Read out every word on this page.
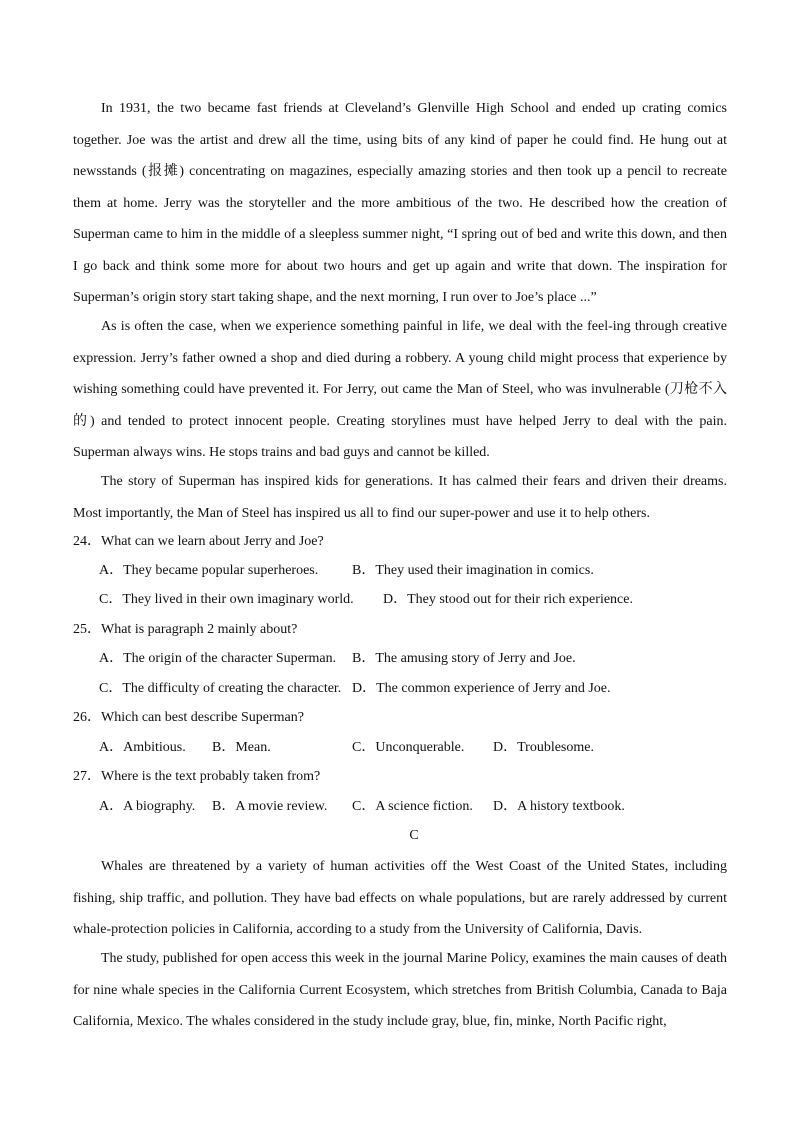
In 1931, the two became fast friends at Cleveland’s Glenville High School and ended up crating comics together. Joe was the artist and drew all the time, using bits of any kind of paper he could find. He hung out at newsstands (报摊) concentrating on magazines, especially amazing stories and then took up a pencil to recreate them at home. Jerry was the storyteller and the more ambitious of the two. He described how the creation of Superman came to him in the middle of a sleepless summer night, “I spring out of bed and write this down, and then I go back and think some more for about two hours and get up again and write that down. The inspiration for Superman’s origin story start taking shape, and the next morning, I run over to Joe’s place ...”

As is often the case, when we experience something painful in life, we deal with the feel-ing through creative expression. Jerry’s father owned a shop and died during a robbery. A young child might process that experience by wishing something could have prevented it. For Jerry, out came the Man of Steel, who was invulnerable (刀枪不入的) and tended to protect innocent people. Creating storylines must have helped Jerry to deal with the pain. Superman always wins. He stops trains and bad guys and cannot be killed.

The story of Superman has inspired kids for generations. It has calmed their fears and driven their dreams. Most importantly, the Man of Steel has inspired us all to find our super-power and use it to help others.

24．What can we learn about Jerry and Joe?
A．They became popular superheroes. B．They used their imagination in comics.
C．They lived in their own imaginary world. D．They stood out for their rich experience.
25．What is paragraph 2 mainly about?
A．The origin of the character Superman. B．The amusing story of Jerry and Joe.
C．The difficulty of creating the character. D．The common experience of Jerry and Joe.
26．Which can best describe Superman?
A．Ambitious. B．Mean.	C．Unconquerable. D．Troublesome.
27．Where is the text probably taken from?
A．A biography. B．A movie review. C．A science fiction. D．A history textbook.
C

Whales are threatened by a variety of human activities off the West Coast of the United States, including fishing, ship traffic, and pollution. They have bad effects on whale populations, but are rarely addressed by current whale-protection policies in California, according to a study from the University of California, Davis.

The study, published for open access this week in the journal Marine Policy, examines the main causes of death for nine whale species in the California Current Ecosystem, which stretches from British Columbia, Canada to Baja California, Mexico. The whales considered in the study include gray, blue, fin, minke, North Pacific right,
